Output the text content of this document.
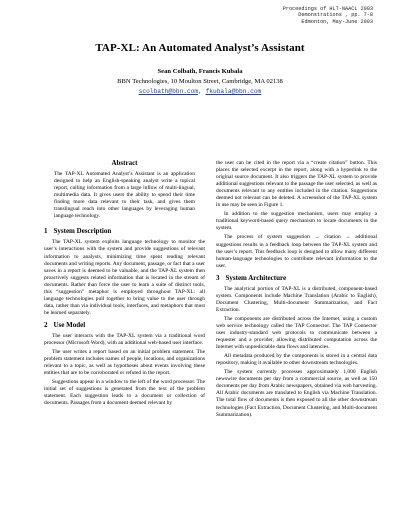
Proceedings of HLT-NAACL 2003
Demonstrations , pp. 7-8
Edmonton, May-June 2003
TAP-XL: An Automated Analyst’s Assistant
Sean Colbath, Francis Kubala
BBN Technologies, 10 Moulton Street, Cambridge, MA 02138
scolbath@bbn.com, fkubala@bbn.com
Abstract
The TAP-XL Automated Analyst’s Assistant is an application designed to help an English-speaking analyst write a topical report, culling information from a large inflow of multi-lingual, multimedia data. It gives users the ability to spend their time finding more data relevant to their task, and gives them translingual reach into other languages by leveraging human language technology.
1 System Description

The TAP-XL system exploits language technology to monitor the user’s interactions with the system and provide suggestions of relevant information to analysts, minimizing time spent reading relevant documents and writing reports. Any document, passage, or fact that a user saves in a report is deemed to be valuable, and the TAP-XL system then proactively suggests related information that is located in the stream of documents. Rather than force the user to learn a suite of distinct tools, this “suggestion” metaphor is employed throughout TAP-XL: all language technologies pull together to bring value to the user through data, rather than via individual tools, interfaces, and metaphors that must be learned separately.

2 Use Model

The user interacts with the TAP-XL system via a traditional word processor (Microsoft Word), with an additional web-based user interface.

The user writes a report based on an initial problem statement. The problem statement includes names of people, locations, and organizations relevant to a topic, as well as hypotheses about events involving these entities that are to be corroborated or refuted in the report.

Suggestions appear in a window to the left of the word processor. The initial set of suggestions is generated from the text of the problem statement. Each suggestion leads to a document or collection of documents. Passages from a document deemed relevant by

the user can be cited in the report via a “create citation” button. This places the selected excerpt in the report, along with a hyperlink to the original source document. It also triggers the TAP-XL system to provide additional suggestions relevant to the passage the user selected, as well as documents relevant to any entities included in the citation. Suggestions deemed not relevant can be deleted. A screenshot of the TAP-XL system in use may be seen in Figure 1.

In addition to the suggestion mechanism, users may employ a traditional keyword-based query mechanism to locate documents in the system.

The process of system suggestion → citation → additional suggestions results in a feedback loop between the TAP-XL system and the user’s report. This feedback loop is designed to allow many different human-language technologies to contribute relevant information to the user.

3 System Architecture

The analytical portion of TAP-XL is a distributed, component-based system. Components include Machine Translation (Arabic to English), Document Clustering, Multi-document Summarization, and Fact Extraction.

The components are distributed across the Internet, using a custom web service technology called the TAP Connector. The TAP Connector uses industry-standard web protocols to communicate between a requester and a provider, allowing distributed computation across the Internet with unpredictable data flows and latencies.

All metadata produced by the components is stored in a central data repository, making it available to other downstream technologies.

The system currently processes approximately 1,000 English newswire documents per day from a commercial source, as well as 150 documents per day from Arabic newspapers, obtained via web harvesting. All Arabic documents are translated to English via Machine Translation. The total flow of documents is then exposed to all the other downstream technologies (Fact Extraction, Document Clustering, and Multi-document Summarization).
